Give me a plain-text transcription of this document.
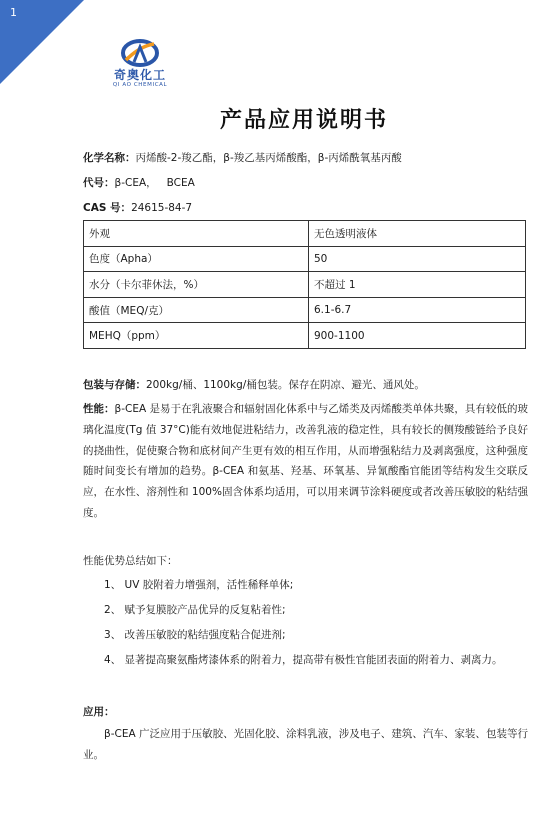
1
奇奥化工
QI AO CHEMICAL
产品应用说明书
化学名称：丙烯酸-2-羧乙酯，β-羧乙基丙烯酸酯，β-丙烯酰氧基丙酸
代号：β-CEA，   BCEA
CAS 号：24615-84-7
外观	无色透明液体
色度（Apha）	50
水分（卡尔菲休法，%）	不超过 1
酸值（MEQ/克）	6.1-6.7
MEHQ（ppm）	900-1100
包装与存储：200kg/桶、1100kg/桶包装。保存在阴凉、避光、通风处。
性能：β-CEA 是易于在乳液聚合和辐射固化体系中与乙烯类及丙烯酸类单体共聚，具有较低的玻璃化温度(Tg 值 37°C)能有效地促进粘结力，改善乳液的稳定性，具有较长的侧羧酸链给予良好的挠曲性，促使聚合物和底材间产生更有效的相互作用，从而增强粘结力及剥离强度，这种强度随时间变长有增加的趋势。β-CEA 和氨基、羟基、环氧基、异氰酸酯官能团等结构发生交联反应，在水性、溶剂性和 100%固含体系均适用，可以用来调节涂料硬度或者改善压敏胶的粘结强度。
性能优势总结如下：
1、 UV 胶附着力增强剂，活性稀释单体;
2、 赋予复膜胶产品优异的反复粘着性;
3、 改善压敏胶的粘结强度粘合促进剂;
4、 显著提高聚氨酯烤漆体系的附着力，提高带有极性官能团表面的附着力、剥离力。
应用：
β-CEA 广泛应用于压敏胶、光固化胶、涂料乳液，涉及电子、建筑、汽车、家装、包装等行业。
